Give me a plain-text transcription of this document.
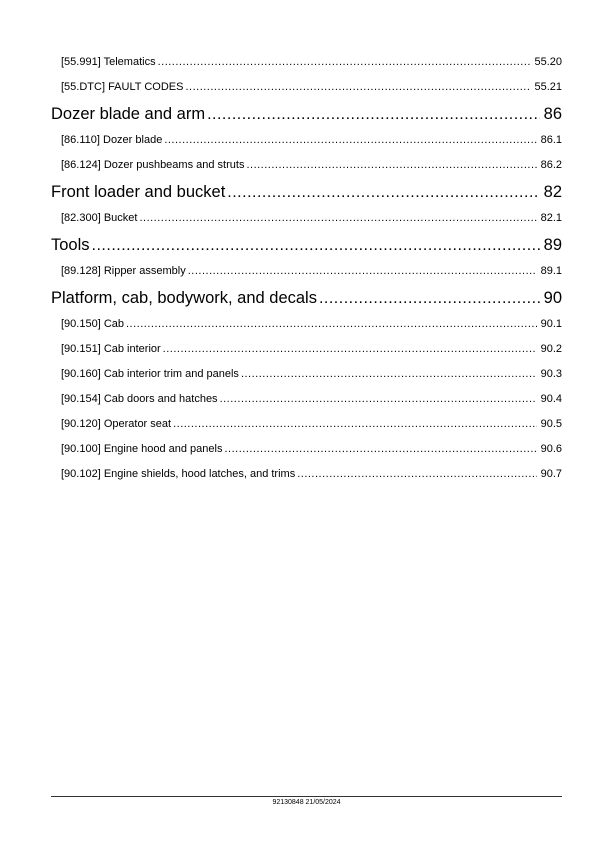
[55.991] Telematics .....	55.20
[55.DTC] FAULT CODES .....	55.21
Dozer blade and arm .....	86
[86.110] Dozer blade .....	86.1
[86.124] Dozer pushbeams and struts .....	86.2
Front loader and bucket .....	82
[82.300] Bucket .....	82.1
Tools .....	89
[89.128] Ripper assembly .....	89.1
Platform, cab, bodywork, and decals .....	90
[90.150] Cab .....	90.1
[90.151] Cab interior .....	90.2
[90.160] Cab interior trim and panels .....	90.3
[90.154] Cab doors and hatches .....	90.4
[90.120] Operator seat .....	90.5
[90.100] Engine hood and panels .....	90.6
[90.102] Engine shields, hood latches, and trims .....	90.7
92130848 21/05/2024
